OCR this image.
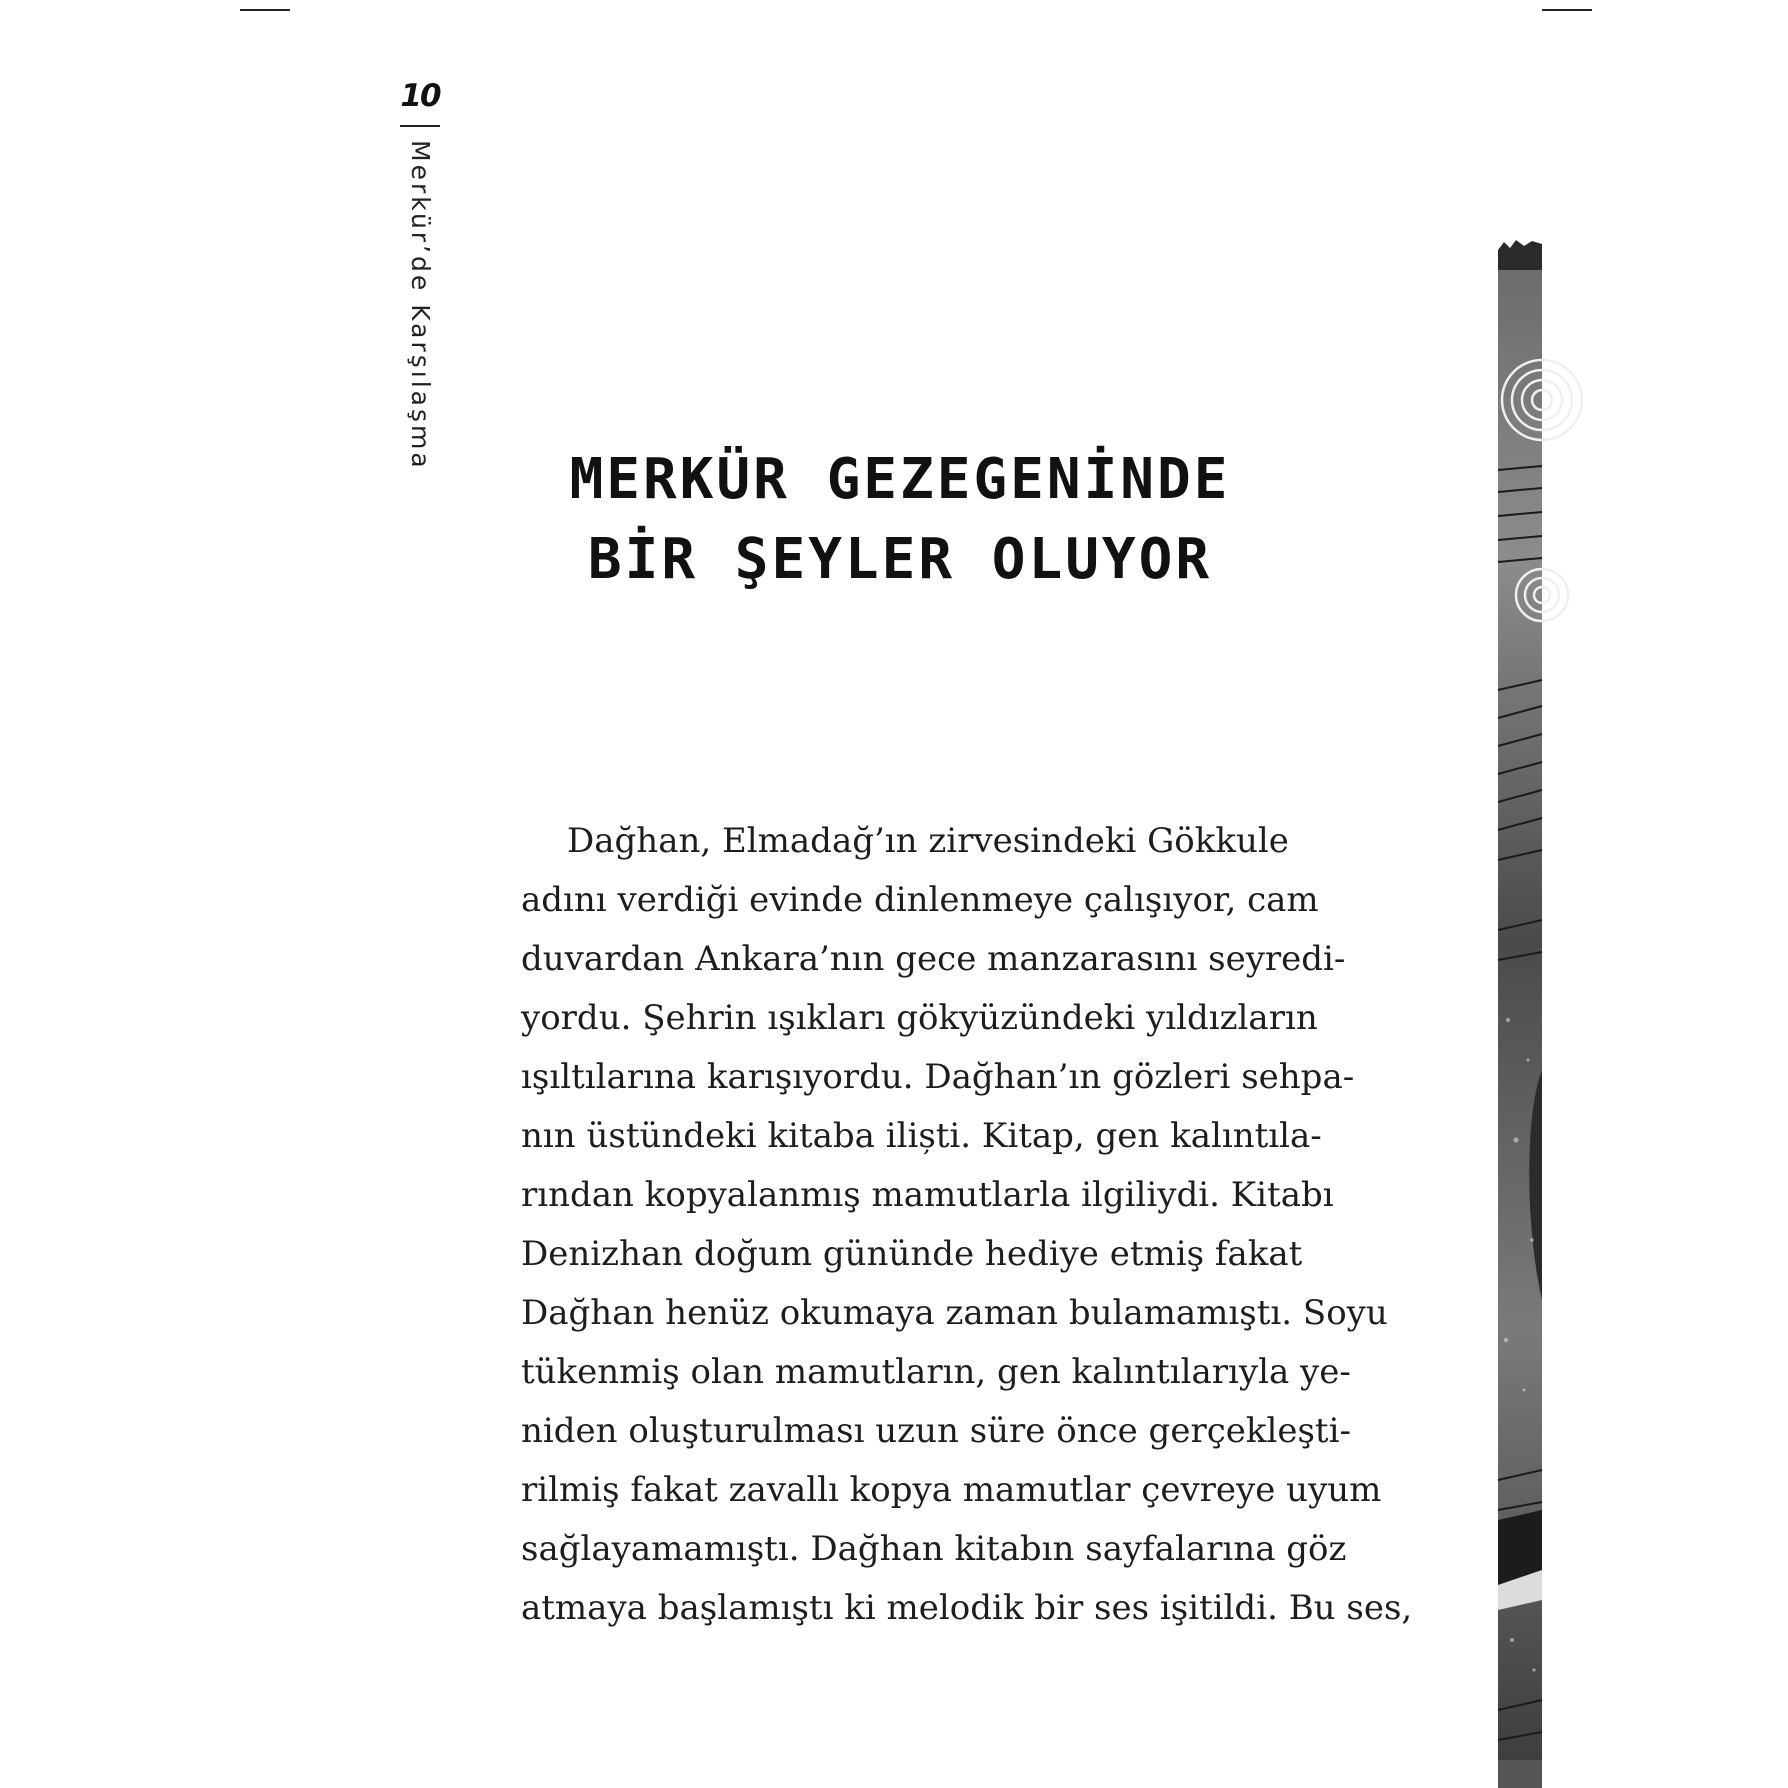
10
Merkür’de Karşılaşma
MERKÜR GEZEGENİNDE
BİR ŞEYLER OLUYOR
Dağhan, Elmadağ’ın zirvesindeki Gökkule
adını verdiği evinde dinlenmeye çalışıyor, cam
duvardan Ankara’nın gece manzarasını seyredi-
yordu. Şehrin ışıkları gökyüzündeki yıldızların
ışıltılarına karışıyordu. Dağhan’ın gözleri sehpa-
nın üstündeki kitaba iliști. Kitap, gen kalıntıla-
rından kopyalanmış mamutlarla ilgiliydi. Kitabı
Denizhan doğum gününde hediye etmiş fakat
Dağhan henüz okumaya zaman bulamamıştı. Soyu
tükenmiş olan mamutların, gen kalıntılarıyla ye-
niden oluşturulması uzun süre önce gerçekleşti-
rilmiş fakat zavallı kopya mamutlar çevreye uyum
sağlayamamıştı. Dağhan kitabın sayfalarına göz
atmaya başlamıştı ki melodik bir ses işitildi. Bu ses,
